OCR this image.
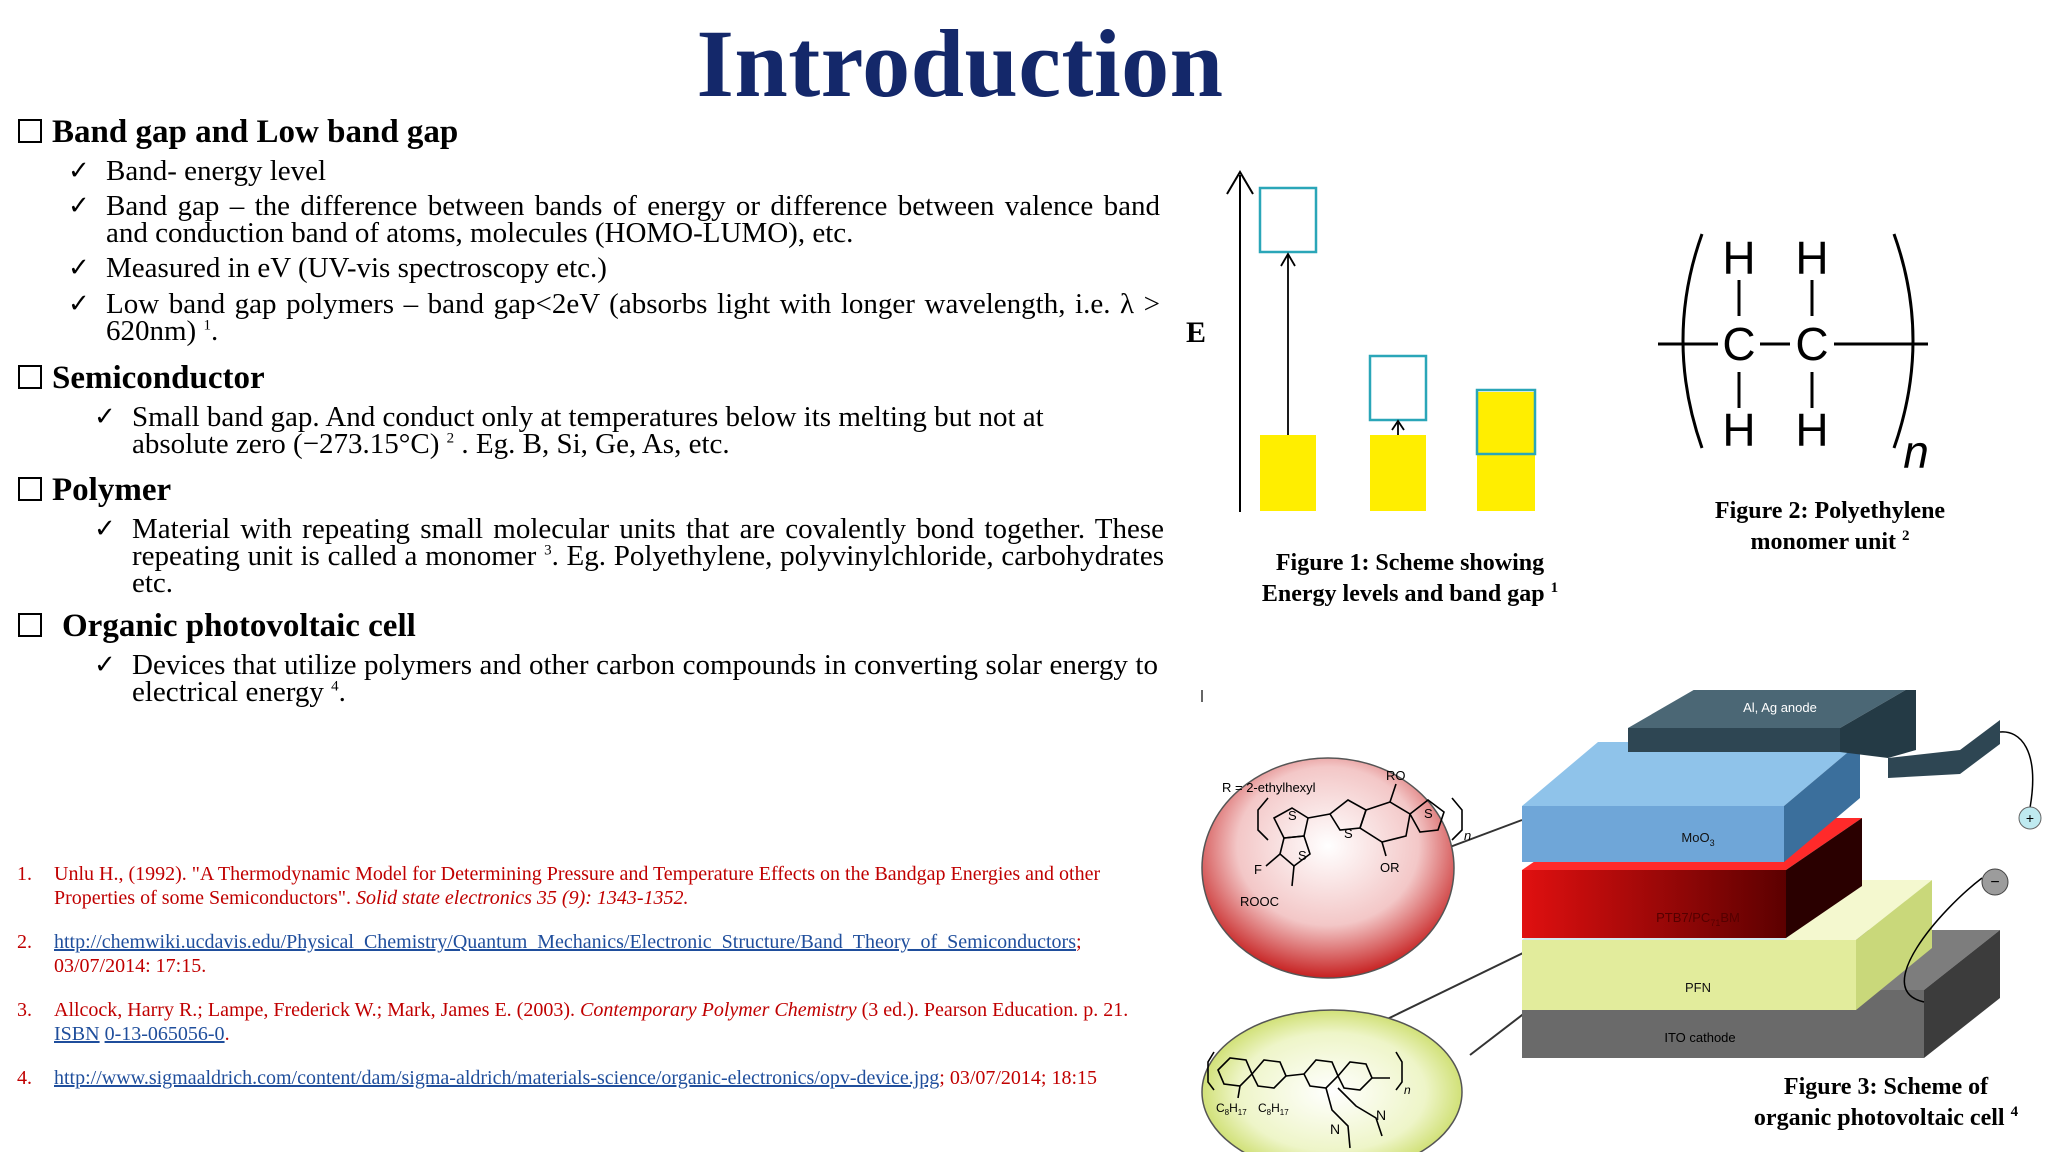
Introduction
Band gap and Low band gap
✓ Band- energy level
✓ Band gap – the difference between bands of energy or difference between valence band and conduction band of atoms, molecules (HOMO-LUMO), etc.
✓ Measured in eV (UV-vis spectroscopy etc.)
✓ Low band gap polymers – band gap<2eV (absorbs light with longer wavelength, i.e. λ > 620nm) $^1$.
Semiconductor
✓ Small band gap. And conduct only at temperatures below its melting but not at absolute zero (−273.15°C) $^2$ . Eg. B, Si, Ge, As, etc.
Polymer
✓ Material with repeating small molecular units that are covalently bond together. These repeating unit is called a monomer $^3$. Eg. Polyethylene, polyvinylchloride, carbohydrates etc.
Organic photovoltaic cell
✓ Devices that utilize polymers and other carbon compounds in converting solar energy to electrical energy $^4$.
1. Unlu H., (1992). "A Thermodynamic Model for Determining Pressure and Temperature Effects on the Bandgap Energies and other Properties of some Semiconductors". Solid state electronics 35 (9): 1343-1352.
2. http://chemwiki.ucdavis.edu/Physical_Chemistry/Quantum_Mechanics/Electronic_Structure/Band_Theory_of_Semiconductors; 03/07/2014: 17:15.
3. Allcock, Harry R.; Lampe, Frederick W.; Mark, James E. (2003). Contemporary Polymer Chemistry (3 ed.). Pearson Education. p. 21. ISBN 0-13-065056-0.
4. http://www.sigmaaldrich.com/content/dam/sigma-aldrich/materials-science/organic-electronics/opv-device.jpg; 03/07/2014; 18:15
E
Figure 1: Scheme showing
Energy levels and band gap $^1$
H H
C C
H H n
Figure 2: Polyethylene
monomer unit $^2$
Al, Ag anode
MoO$_3$
$PTB7/PC_{71}BM$
PFN
ITO cathode
+
−
R = 2-ethylhexyl
RO
OR
ROOC
F
S
S
S
S
n
$C_8H_{17}$ $C_8H_{17}$
N
N
n	Figure 3: Scheme of
organic photovoltaic cell $^4$
